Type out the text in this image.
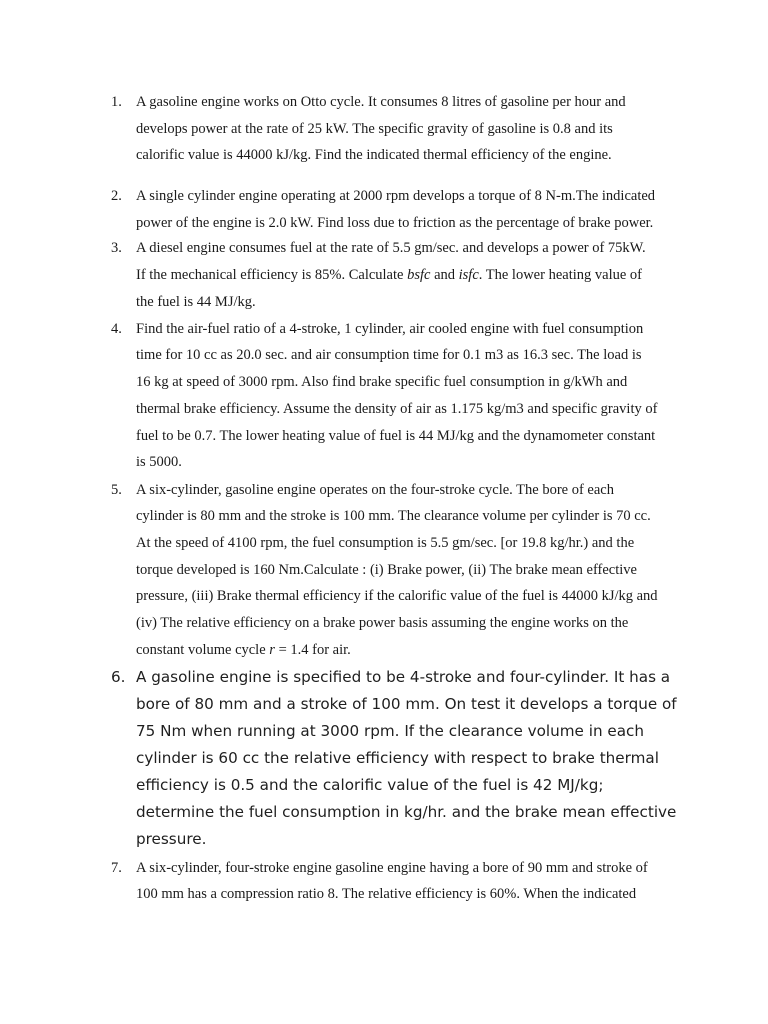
1. A gasoline engine works on Otto cycle. It consumes 8 litres of gasoline per hour and
develops power at the rate of 25 kW. The specific gravity of gasoline is 0.8 and its
calorific value is 44000 kJ/kg. Find the indicated thermal efficiency of the engine.
2. A single cylinder engine operating at 2000 rpm develops a torque of 8 N-m.The indicated
power of the engine is 2.0 kW. Find loss due to friction as the percentage of brake power.
3. A diesel engine consumes fuel at the rate of 5.5 gm/sec. and develops a power of 75kW.
If the mechanical efficiency is 85%. Calculate bsfc and isfc. The lower heating value of
the fuel is 44 MJ/kg.
4. Find the air-fuel ratio of a 4-stroke, 1 cylinder, air cooled engine with fuel consumption
time for 10 cc as 20.0 sec. and air consumption time for 0.1 m3 as 16.3 sec. The load is
16 kg at speed of 3000 rpm. Also find brake specific fuel consumption in g/kWh and
thermal brake efficiency. Assume the density of air as 1.175 kg/m3 and specific gravity of
fuel to be 0.7. The lower heating value of fuel is 44 MJ/kg and the dynamometer constant
is 5000.
5. A six-cylinder, gasoline engine operates on the four-stroke cycle. The bore of each
cylinder is 80 mm and the stroke is 100 mm. The clearance volume per cylinder is 70 cc.
At the speed of 4100 rpm, the fuel consumption is 5.5 gm/sec. [or 19.8 kg/hr.) and the
torque developed is 160 Nm.Calculate : (i) Brake power, (ii) The brake mean effective
pressure, (iii) Brake thermal efficiency if the calorific value of the fuel is 44000 kJ/kg and
(iv) The relative efficiency on a brake power basis assuming the engine works on the
constant volume cycle r = 1.4 for air.
6. A gasoline engine is specified to be 4-stroke and four-cylinder. It has a
bore of 80 mm and a stroke of 100 mm. On test it develops a torque of
75 Nm when running at 3000 rpm. If the clearance volume in each
cylinder is 60 cc the relative efficiency with respect to brake thermal
efficiency is 0.5 and the calorific value of the fuel is 42 MJ/kg;
determine the fuel consumption in kg/hr. and the brake mean effective
pressure.
7. A six-cylinder, four-stroke engine gasoline engine having a bore of 90 mm and stroke of
100 mm has a compression ratio 8. The relative efficiency is 60%. When the indicated
